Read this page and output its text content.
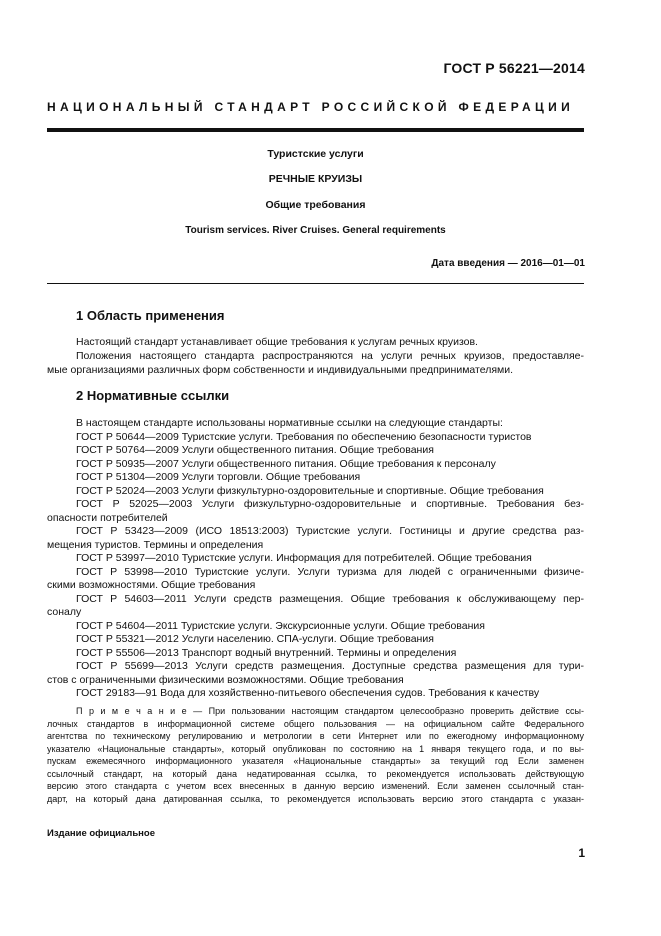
ГОСТ Р 56221—2014
НАЦИОНАЛЬНЫЙ СТАНДАРТ РОССИЙСКОЙ ФЕДЕРАЦИИ
Туристские услуги
РЕЧНЫЕ КРУИЗЫ
Общие требования
Tourism services. River Cruises. General requirements
Дата введения — 2016—01—01
1 Область применения
Настоящий стандарт устанавливает общие требования к услугам речных круизов.
Положения настоящего стандарта распространяются на услуги речных круизов, предоставляе-
мые организациями различных форм собственности и индивидуальными предпринимателями.
2 Нормативные ссылки
В настоящем стандарте использованы нормативные ссылки на следующие стандарты:
ГОСТ Р 50644—2009 Туристские услуги. Требования по обеспечению безопасности туристов
ГОСТ Р 50764—2009 Услуги общественного питания. Общие требования
ГОСТ Р 50935—2007 Услуги общественного питания. Общие требования к персоналу
ГОСТ Р 51304—2009 Услуги торговли. Общие требования
ГОСТ Р 52024—2003 Услуги физкультурно-оздоровительные и спортивные. Общие требования
ГОСТ Р 52025—2003 Услуги физкультурно-оздоровительные и спортивные. Требования без-
опасности потребителей
ГОСТ Р 53423—2009 (ИСО 18513:2003) Туристские услуги. Гостиницы и другие средства раз-
мещения туристов. Термины и определения
ГОСТ Р 53997—2010 Туристские услуги. Информация для потребителей. Общие требования
ГОСТ Р 53998—2010 Туристские услуги. Услуги туризма для людей с ограниченными физиче-
скими возможностями. Общие требования
ГОСТ Р 54603—2011 Услуги средств размещения. Общие требования к обслуживающему пер-
соналу
ГОСТ Р 54604—2011 Туристские услуги. Экскурсионные услуги. Общие требования
ГОСТ Р 55321—2012 Услуги населению. СПА-услуги. Общие требования
ГОСТ Р 55506—2013 Транспорт водный внутренний. Термины и определения
ГОСТ Р 55699—2013 Услуги средств размещения. Доступные средства размещения для тури-
стов с ограниченными физическими возможностями. Общие требования
ГОСТ 29183—91 Вода для хозяйственно-питьевого обеспечения судов. Требования к качеству
П р и м е ч а н и е — При пользовании настоящим стандартом целесообразно проверить действие ссы-
лочных стандартов в информационной системе общего пользования — на официальном сайте Федерального
агентства по техническому регулированию и метрологии в сети Интернет или по ежегодному информационному
указателю «Национальные стандарты», который опубликован по состоянию на 1 января текущего года, и по вы-
пускам ежемесячного информационного указателя «Национальные стандарты» за текущий год Если заменен
ссылочный стандарт, на который дана недатированная ссылка, то рекомендуется использовать действующую
версию этого стандарта с учетом всех внесенных в данную версию изменений. Если заменен ссылочный стан-
дарт, на который дана датированная ссылка, то рекомендуется использовать версию этого стандарта с указан-
Издание официальное
1
